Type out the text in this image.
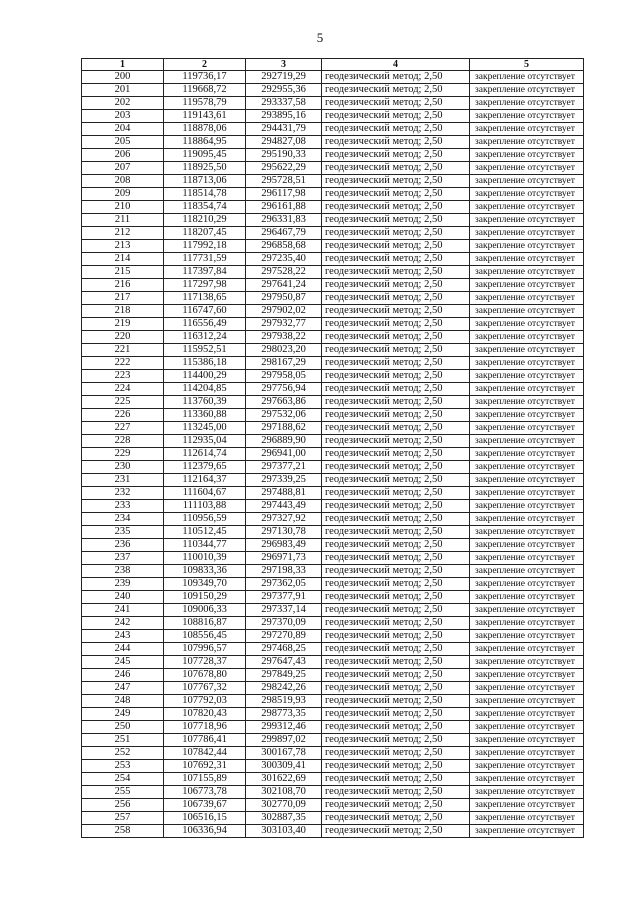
5
1	2	3	4	5
200	119736,17	292719,29	геодезический метод; 2,50	закрепление отсутствует
201	119668,72	292955,36	геодезический метод; 2,50	закрепление отсутствует
202	119578,79	293337,58	геодезический метод; 2,50	закрепление отсутствует
203	119143,61	293895,16	геодезический метод; 2,50	закрепление отсутствует
204	118878,06	294431,79	геодезический метод; 2,50	закрепление отсутствует
205	118864,95	294827,08	геодезический метод; 2,50	закрепление отсутствует
206	119095,45	295190,33	геодезический метод; 2,50	закрепление отсутствует
207	118925,50	295622,29	геодезический метод; 2,50	закрепление отсутствует
208	118713,06	295728,51	геодезический метод; 2,50	закрепление отсутствует
209	118514,78	296117,98	геодезический метод; 2,50	закрепление отсутствует
210	118354,74	296161,88	геодезический метод; 2,50	закрепление отсутствует
211	118210,29	296331,83	геодезический метод; 2,50	закрепление отсутствует
212	118207,45	296467,79	геодезический метод; 2,50	закрепление отсутствует
213	117992,18	296858,68	геодезический метод; 2,50	закрепление отсутствует
214	117731,59	297235,40	геодезический метод; 2,50	закрепление отсутствует
215	117397,84	297528,22	геодезический метод; 2,50	закрепление отсутствует
216	117297,98	297641,24	геодезический метод; 2,50	закрепление отсутствует
217	117138,65	297950,87	геодезический метод; 2,50	закрепление отсутствует
218	116747,60	297902,02	геодезический метод; 2,50	закрепление отсутствует
219	116556,49	297932,77	геодезический метод; 2,50	закрепление отсутствует
220	116312,24	297938,22	геодезический метод; 2,50	закрепление отсутствует
221	115952,51	298023,20	геодезический метод; 2,50	закрепление отсутствует
222	115386,18	298167,29	геодезический метод; 2,50	закрепление отсутствует
223	114400,29	297958,05	геодезический метод; 2,50	закрепление отсутствует
224	114204,85	297756,94	геодезический метод; 2,50	закрепление отсутствует
225	113760,39	297663,86	геодезический метод; 2,50	закрепление отсутствует
226	113360,88	297532,06	геодезический метод; 2,50	закрепление отсутствует
227	113245,00	297188,62	геодезический метод; 2,50	закрепление отсутствует
228	112935,04	296889,90	геодезический метод; 2,50	закрепление отсутствует
229	112614,74	296941,00	геодезический метод; 2,50	закрепление отсутствует
230	112379,65	297377,21	геодезический метод; 2,50	закрепление отсутствует
231	112164,37	297339,25	геодезический метод; 2,50	закрепление отсутствует
232	111604,67	297488,81	геодезический метод; 2,50	закрепление отсутствует
233	111103,88	297443,49	геодезический метод; 2,50	закрепление отсутствует
234	110956,59	297327,92	геодезический метод; 2,50	закрепление отсутствует
235	110512,45	297130,78	геодезический метод; 2,50	закрепление отсутствует
236	110344,77	296983,49	геодезический метод; 2,50	закрепление отсутствует
237	110010,39	296971,73	геодезический метод; 2,50	закрепление отсутствует
238	109833,36	297198,33	геодезический метод; 2,50	закрепление отсутствует
239	109349,70	297362,05	геодезический метод; 2,50	закрепление отсутствует
240	109150,29	297377,91	геодезический метод; 2,50	закрепление отсутствует
241	109006,33	297337,14	геодезический метод; 2,50	закрепление отсутствует
242	108816,87	297370,09	геодезический метод; 2,50	закрепление отсутствует
243	108556,45	297270,89	геодезический метод; 2,50	закрепление отсутствует
244	107996,57	297468,25	геодезический метод; 2,50	закрепление отсутствует
245	107728,37	297647,43	геодезический метод; 2,50	закрепление отсутствует
246	107678,80	297849,25	геодезический метод; 2,50	закрепление отсутствует
247	107767,32	298242,26	геодезический метод; 2,50	закрепление отсутствует
248	107792,03	298519,93	геодезический метод; 2,50	закрепление отсутствует
249	107820,43	298773,35	геодезический метод; 2,50	закрепление отсутствует
250	107718,96	299312,46	геодезический метод; 2,50	закрепление отсутствует
251	107786,41	299897,02	геодезический метод; 2,50	закрепление отсутствует
252	107842,44	300167,78	геодезический метод; 2,50	закрепление отсутствует
253	107692,31	300309,41	геодезический метод; 2,50	закрепление отсутствует
254	107155,89	301622,69	геодезический метод; 2,50	закрепление отсутствует
255	106773,78	302108,70	геодезический метод; 2,50	закрепление отсутствует
256	106739,67	302770,09	геодезический метод; 2,50	закрепление отсутствует
257	106516,15	302887,35	геодезический метод; 2,50	закрепление отсутствует
258	106336,94	303103,40	геодезический метод; 2,50	закрепление отсутствует
